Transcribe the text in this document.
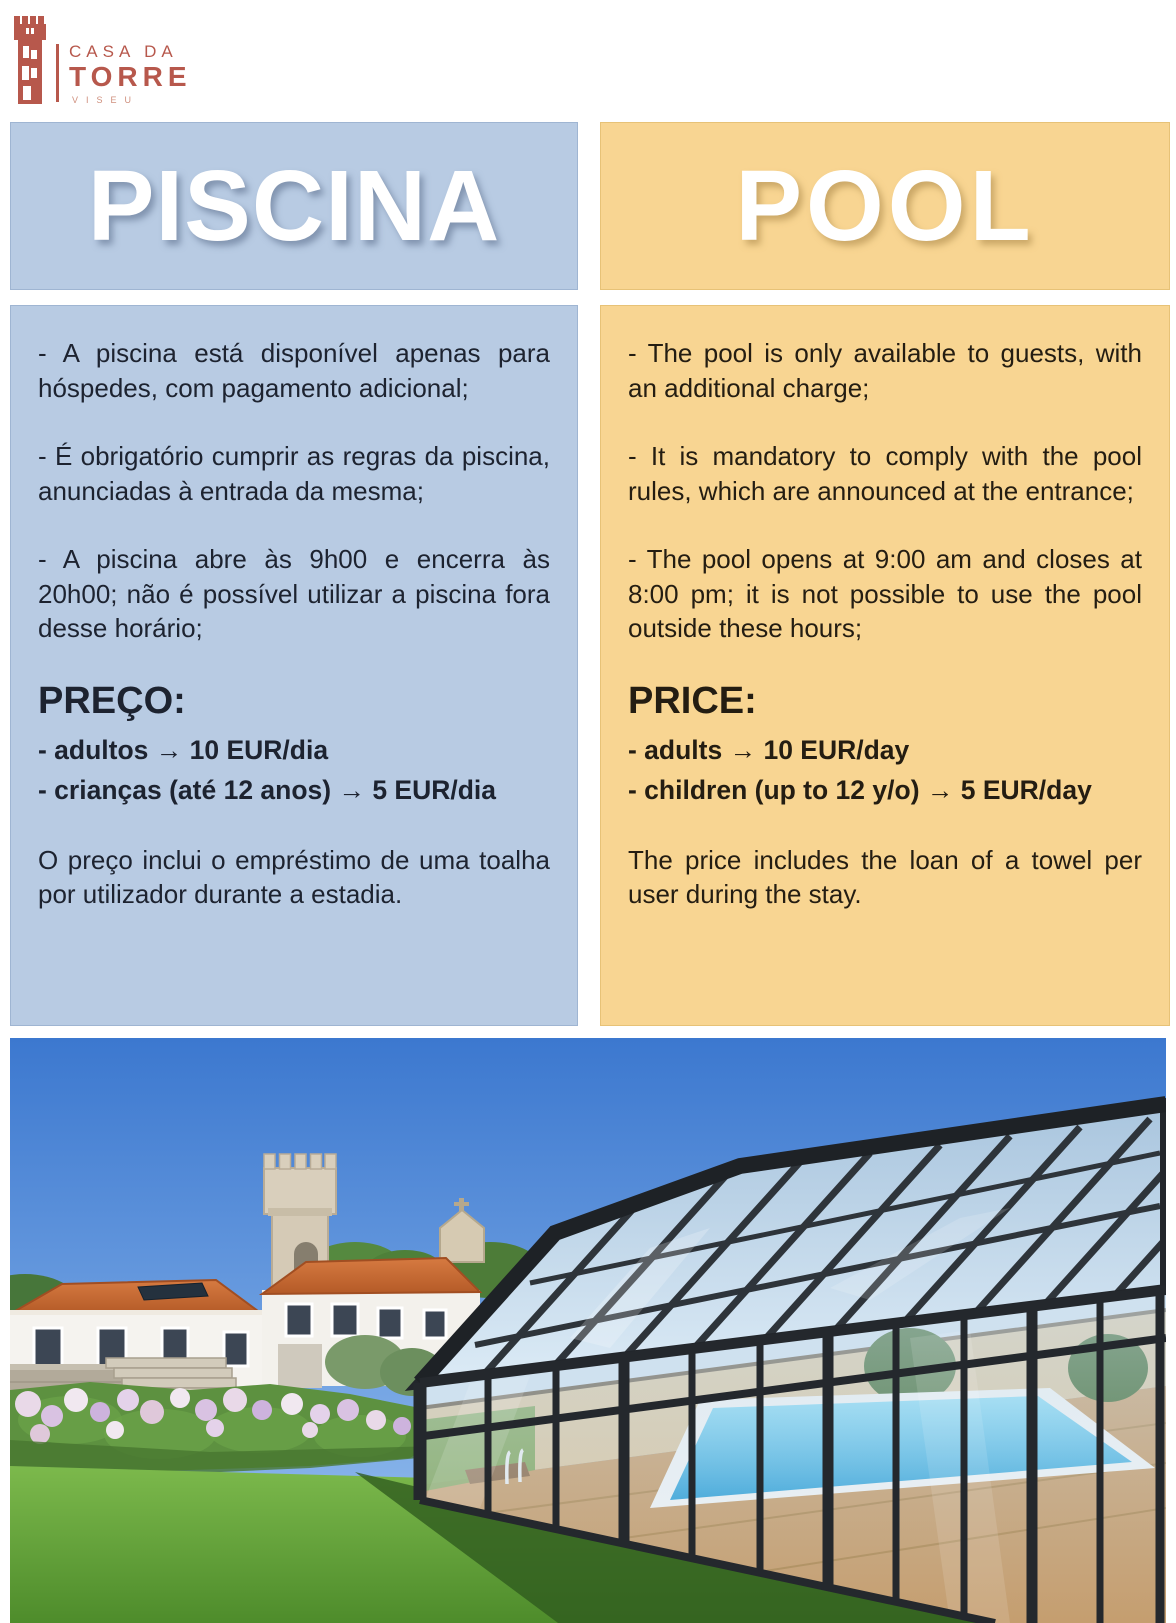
CASA DA
TORRE
VISEU
PISCINA POOL

- A piscina está disponível apenas para hóspedes, com pagamento adicional;

- É obrigatório cumprir as regras da piscina, anunciadas à entrada da mesma;

- A piscina abre às 9h00 e encerra às 20h00; não é possível utilizar a piscina fora desse horário;

PREÇO:
- adultos → 10 EUR/dia
- crianças (até 12 anos) → 5 EUR/dia

O preço inclui o empréstimo de uma toalha por utilizador durante a estadia.

- The pool is only available to guests, with an additional charge;

- It is mandatory to comply with the pool rules, which are announced at the entrance;

- The pool opens at 9:00 am and closes at 8:00 pm; it is not possible to use the pool outside these hours;

PRICE:
- adults → 10 EUR/day
- children (up to 12 y/o) → 5 EUR/day

The price includes the loan of a towel per user during the stay.
